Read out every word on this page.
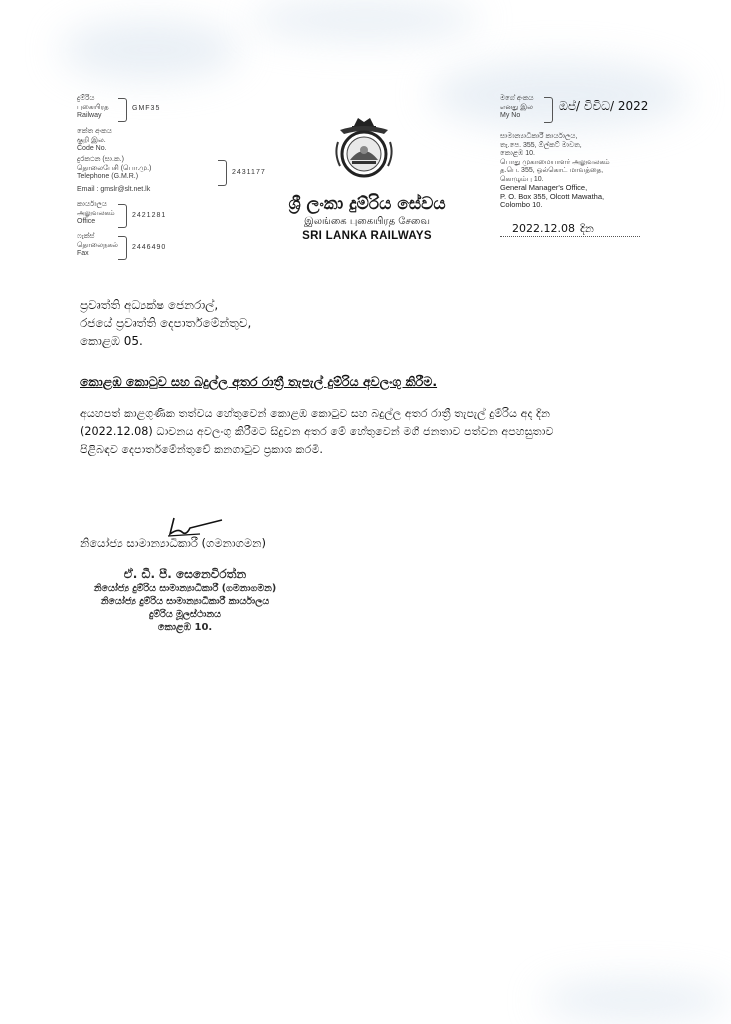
දුම්රිය
புகையிரத
Railway
GMF35
කේත අංකය
குறி இல.
Code No.
දුරකථන (සා.ක.)
தொலைபேசி (பொ.மு.)
Telephone (G.M.R.)
2431177
Email : gmslr@slt.net.lk
කාර්යාලය
அலுவலகம்
Office
2421281
ෆැක්ස්
தொலைநகல்
Fax
2446490
ශ්‍රී ලංකා දුම්රිය සේවය
இலங்கை புகையிரத சேவை
SRI LANKA RAILWAYS
මගේ අංකය
எனது இல
My No
ඔප්/ විවිධ/ 2022
සාමාන්‍යාධිකාරී කාර්යාලය,
තැ.පෙ. 355, ඕල්කට් මාවත,
කොළඹ 10.
பொது முகாமையாளர் அலுவலகம்
த.பெ. 355, ஒல்கொட் மாவத்தை,
கொழும்பு 10.
General Manager's Office,
P. O. Box 355, Olcott Mawatha,
Colombo 10.
2022.12.08 දින
ප්‍රවෘත්ති අධ්‍යක්ෂ ජෙනරාල්,
රජයේ ප්‍රවෘත්ති දෙපාර්තමේන්තුව,
කොළඹ 05.
කොළඹ කොටුව සහ බදුල්ල අතර රාත්‍රී තැපැල් දුම්රිය අවලංගු කිරීම.
අයහපත් කාළගුණික තත්වය හේතුවෙන් කොළඹ කොටුව සහ බදුල්ල අතර රාත්‍රී තැපැල් දුම්රිය අද දින
(2022.12.08) ධාවනය අවලංගු කිරීමට සිදුවන අතර මේ හේතුවෙන් මගී ජනතාව පත්වන අපහසුතාව
පිළිබඳව දෙපාර්තමේන්තුවේ කනගාටුව ප්‍රකාශ කරමි.
නියෝජ්‍ය සාමාන්‍යාධිකාරී (ගමනාගමන)
ඒ. ඩී. පී. සෙනෙවිරත්න
නියෝජ්‍ය දුම්රිය සාමාන්‍යාධිකාරී (ගමනාගමන)
නියෝජ්‍ය දුම්රිය සාමාන්‍යාධිකාරී කාර්යාලය
දුම්රිය මූලස්ථානය
කොළඹ 10.
